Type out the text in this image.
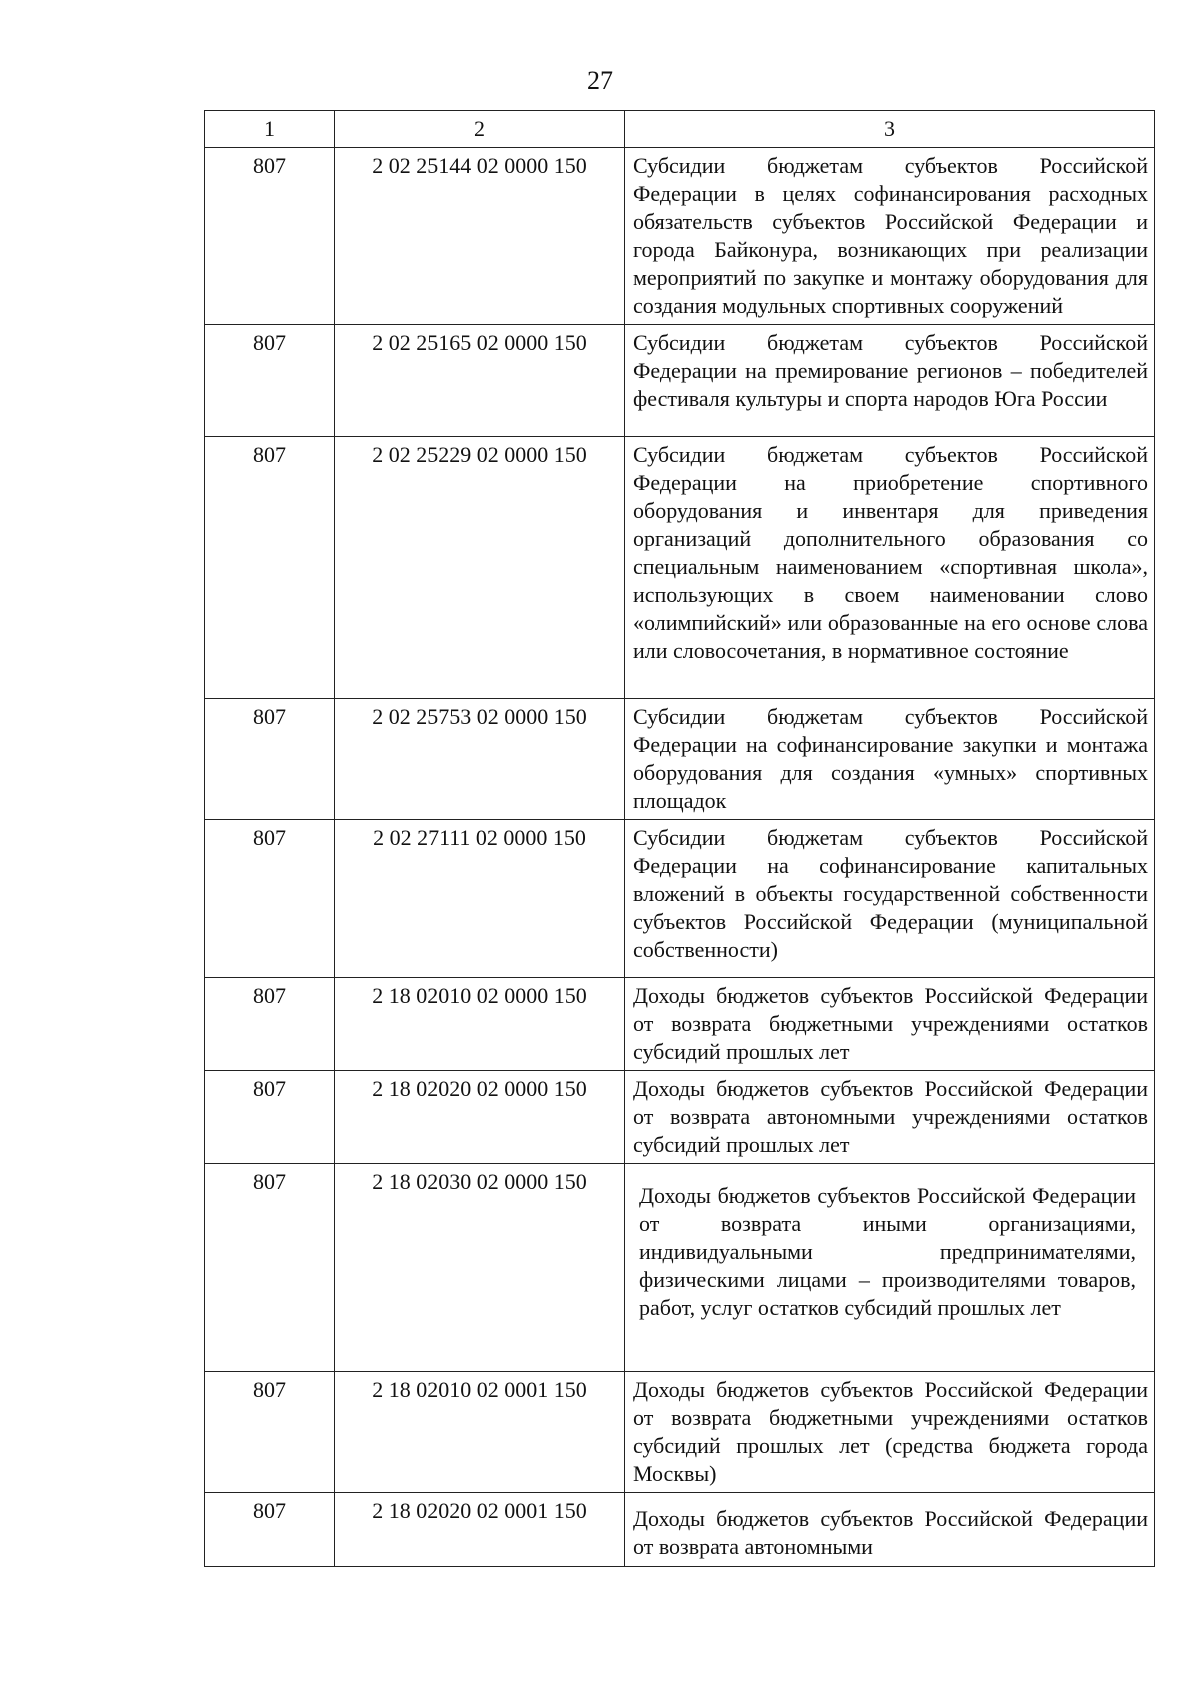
27
1	2	3
807	2 02 25144 02 0000 150	Субсидии бюджетам субъектов Российской Федерации в целях софинансирования расходных обязательств субъектов Российской Федерации и города Байконура, возникающих при реализации мероприятий по закупке и монтажу оборудования для создания модульных спортивных сооружений

807	2 02 25165 02 0000 150	Субсидии бюджетам субъектов Российской Федерации на премирование регионов – победителей фестиваля культуры и спорта народов Юга России

807	2 02 25229 02 0000 150	Субсидии бюджетам субъектов Российской Федерации на приобретение спортивного оборудования и инвентаря для приведения организаций дополнительного образования со специальным наименованием «спортивная школа», использующих в своем наименовании слово «олимпийский» или образованные на его основе слова или словосочетания, в нормативное состояние

807	2 02 25753 02 0000 150	Субсидии бюджетам субъектов Российской Федерации на софинансирование закупки и монтажа оборудования для создания «умных» спортивных площадок

807	2 02 27111 02 0000 150	Субсидии бюджетам субъектов Российской Федерации на софинансирование капитальных вложений в объекты государственной собственности субъектов Российской Федерации (муниципальной собственности)

807	2 18 02010 02 0000 150	Доходы бюджетов субъектов Российской Федерации от возврата бюджетными учреждениями остатков субсидий прошлых лет

807	2 18 02020 02 0000 150	Доходы бюджетов субъектов Российской Федерации от возврата автономными учреждениями остатков субсидий прошлых лет

807	2 18 02030 02 0000 150	Доходы бюджетов субъектов Российской Федерации от возврата иными организациями, индивидуальными предпринимателями, физическими лицами – производителями товаров, работ, услуг остатков субсидий прошлых лет

807	2 18 02010 02 0001 150	Доходы бюджетов субъектов Российской Федерации от возврата бюджетными учреждениями остатков субсидий прошлых лет (средства бюджета города Москвы)

807	2 18 02020 02 0001 150	Доходы бюджетов субъектов Российской Федерации от возврата автономными
